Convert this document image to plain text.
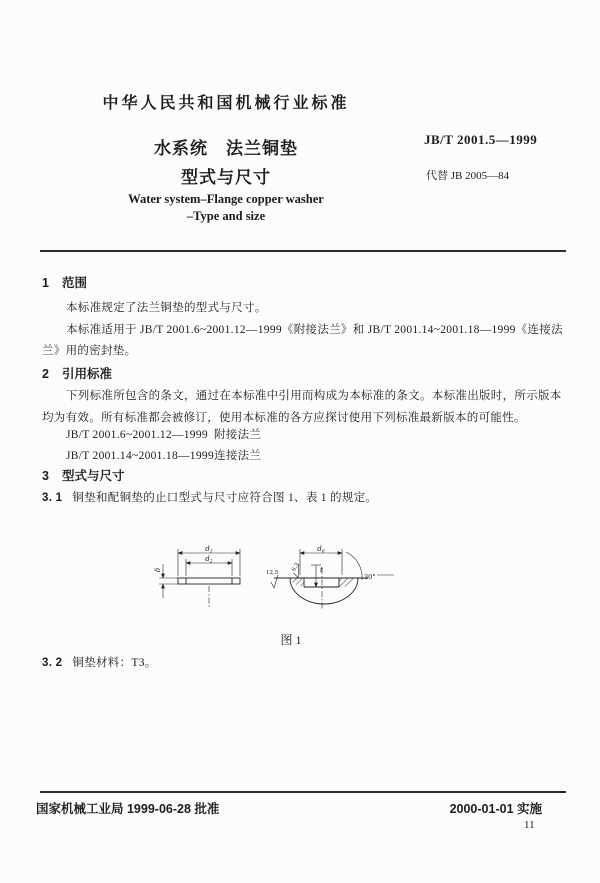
中华人民共和国机械行业标准
水系统　法兰铜垫
型式与尺寸
JB/T 2001.5—1999
代替 JB 2005—84
Water system–Flange copper washer
–Type and size
1 范围
本标准规定了法兰铜垫的型式与尺寸。
本标准适用于 JB/T 2001.6~2001.12—1999《附接法兰》和 JB/T 2001.14~2001.18—1999《连接法
兰》用的密封垫。
2 引用标准
下列标准所包含的条文，通过在本标准中引用而构成为本标准的条文。本标准出版时，所示版本
均为有效。所有标准都会被修订，使用本标准的各方应探讨使用下列标准最新版本的可能性。
JB/T 2001.6~2001.12—1999 附接法兰
JB/T 2001.14~2001.18—1999连接法兰
3 型式与尺寸
3. 1 铜垫和配铜垫的止口型式与尺寸应符合图 1、表 1 的规定。
$d_1$
$d_2$
$d_0$
δ	t
30°
6.3
12.5
图 1
3. 2 铜垫材料：T3。
国家机械工业局 1999-06-28 批准	2000-01-01 实施
11
